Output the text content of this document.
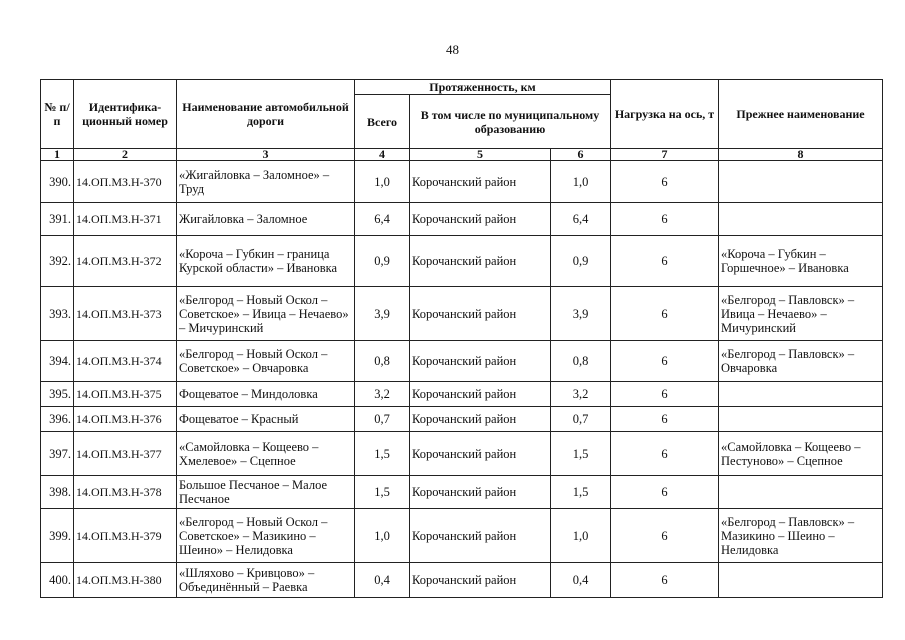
48
№ п/п	Идентифика-ционный номер	Наименование автомобильной дороги	Протяженность, км			Нагрузка на ось, т	Прежнее наименование
			Всего	В том числе по муниципальному образованию			
1	2	3	4	5	6	7	8
390.	14.ОП.МЗ.Н-370	«Жигайловка – Заломное» – Труд	1,0	Корочанский район	1,0	6	
391.	14.ОП.МЗ.Н-371	Жигайловка – Заломное	6,4	Корочанский район	6,4	6	
392.	14.ОП.МЗ.Н-372	«Короча – Губкин – граница Курской области» – Ивановка	0,9	Корочанский район	0,9	6	«Короча – Губкин – Горшечное» – Ивановка
393.	14.ОП.МЗ.Н-373	«Белгород – Новый Оскол – Советское» – Ивица – Нечаево» – Мичуринский	3,9	Корочанский район	3,9	6	«Белгород – Павловск» – Ивица – Нечаево» – Мичуринский
394.	14.ОП.МЗ.Н-374	«Белгород – Новый Оскол – Советское» – Овчаровка	0,8	Корочанский район	0,8	6	«Белгород – Павловск» – Овчаровка
395.	14.ОП.МЗ.Н-375	Фощеватое – Миндоловка	3,2	Корочанский район	3,2	6	
396.	14.ОП.МЗ.Н-376	Фощеватое – Красный	0,7	Корочанский район	0,7	6	
397.	14.ОП.МЗ.Н-377	«Самойловка – Кощеево – Хмелевое» – Сцепное	1,5	Корочанский район	1,5	6	«Самойловка – Кощеево – Пестуново» – Сцепное
398.	14.ОП.МЗ.Н-378	Большое Песчаное – Малое Песчаное	1,5	Корочанский район	1,5	6	
399.	14.ОП.МЗ.Н-379	«Белгород – Новый Оскол – Советское» – Мазикино – Шеино» – Нелидовка	1,0	Корочанский район	1,0	6	«Белгород – Павловск» – Мазикино – Шеино – Нелидовка
400.	14.ОП.МЗ.Н-380	«Шляхово – Кривцово» – Объединённый – Раевка	0,4	Корочанский район	0,4	6	
